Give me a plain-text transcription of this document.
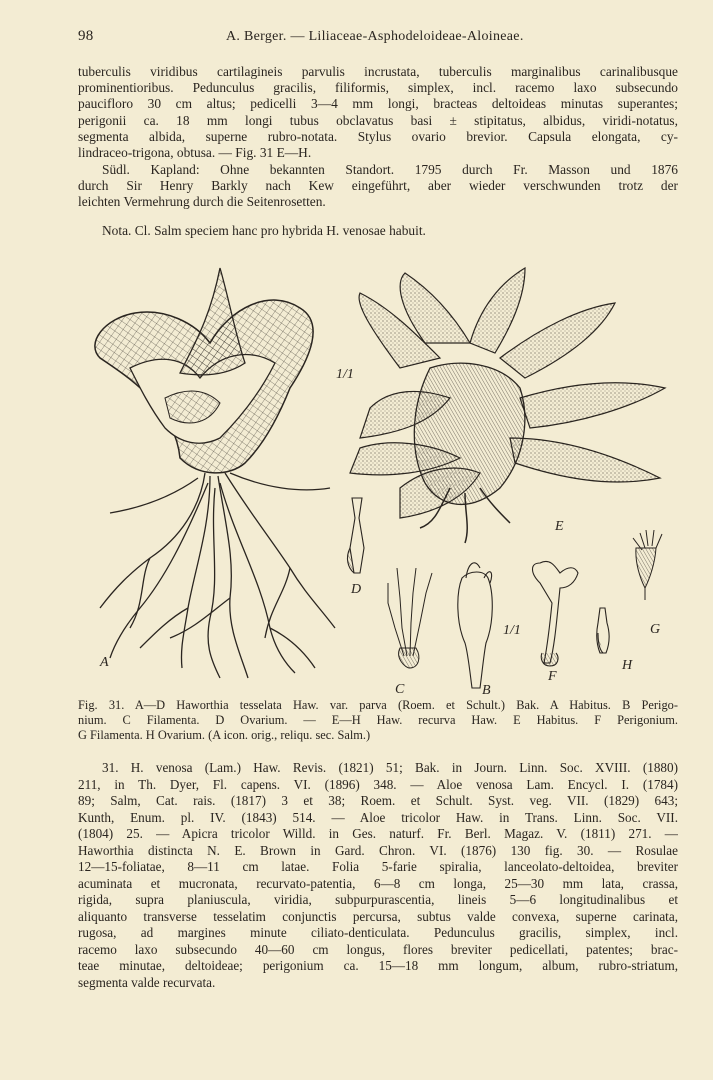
98	A. Berger. — Liliaceae-Asphodeloideae-Aloineae.
tuberculis viridibus cartilagineis parvulis incrustata, tuberculis marginalibus carinalibusque
prominentioribus. Pedunculus gracilis, filiformis, simplex, incl. racemo laxo subsecundo
paucifloro 30 cm altus; pedicelli 3—4 mm longi, bracteas deltoideas minutas superantes;
perigonii ca. 18 mm longi tubus obclavatus basi ± stipitatus, albidus, viridi-notatus,
segmenta albida, superne rubro-notata. Stylus ovario brevior. Capsula elongata, cy-
lindraceo-trigona, obtusa. — Fig. 31 E—H.
Südl. Kapland: Ohne bekannten Standort. 1795 durch Fr. Masson und 1876
durch Sir Henry Barkly nach Kew eingeführt, aber wieder verschwunden trotz der
leichten Vermehrung durch die Seitenrosetten.
Nota. Cl. Salm speciem hanc pro hybrida H. venosae habuit.
A
B
C
D
E
F
G
H
1/1
1/1
Fig. 31. A—D Haworthia tesselata Haw. var. parva (Roem. et Schult.) Bak. A Habitus. B Perigo-
nium. C Filamenta. D Ovarium. — E—H Haw. recurva Haw. E Habitus. F Perigonium.
G Filamenta. H Ovarium. (A icon. orig., reliqu. sec. Salm.)
31. H. venosa (Lam.) Haw. Revis. (1821) 51; Bak. in Journ. Linn. Soc. XVIII. (1880)
211, in Th. Dyer, Fl. capens. VI. (1896) 348. — Aloe venosa Lam. Encycl. I. (1784)
89; Salm, Cat. rais. (1817) 3 et 38; Roem. et Schult. Syst. veg. VII. (1829) 643;
Kunth, Enum. pl. IV. (1843) 514. — Aloe tricolor Haw. in Trans. Linn. Soc. VII.
(1804) 25. — Apicra tricolor Willd. in Ges. naturf. Fr. Berl. Magaz. V. (1811) 271. —
Haworthia distincta N. E. Brown in Gard. Chron. VI. (1876) 130 fig. 30. — Rosulae
12—15-foliatae, 8—11 cm latae. Folia 5-farie spiralia, lanceolato-deltoidea, breviter
acuminata et mucronata, recurvato-patentia, 6—8 cm longa, 25—30 mm lata, crassa,
rigida, supra planiuscula, viridia, subpurpurascentia, lineis 5—6 longitudinalibus et
aliquanto transverse tesselatim conjunctis percursa, subtus valde convexa, superne carinata,
rugosa, ad margines minute ciliato-denticulata. Pedunculus gracilis, simplex, incl.
racemo laxo subsecundo 40—60 cm longus, flores breviter pedicellati, patentes; brac-
teae minutae, deltoideae; perigonium ca. 15—18 mm longum, album, rubro-striatum,
segmenta valde recurvata.
